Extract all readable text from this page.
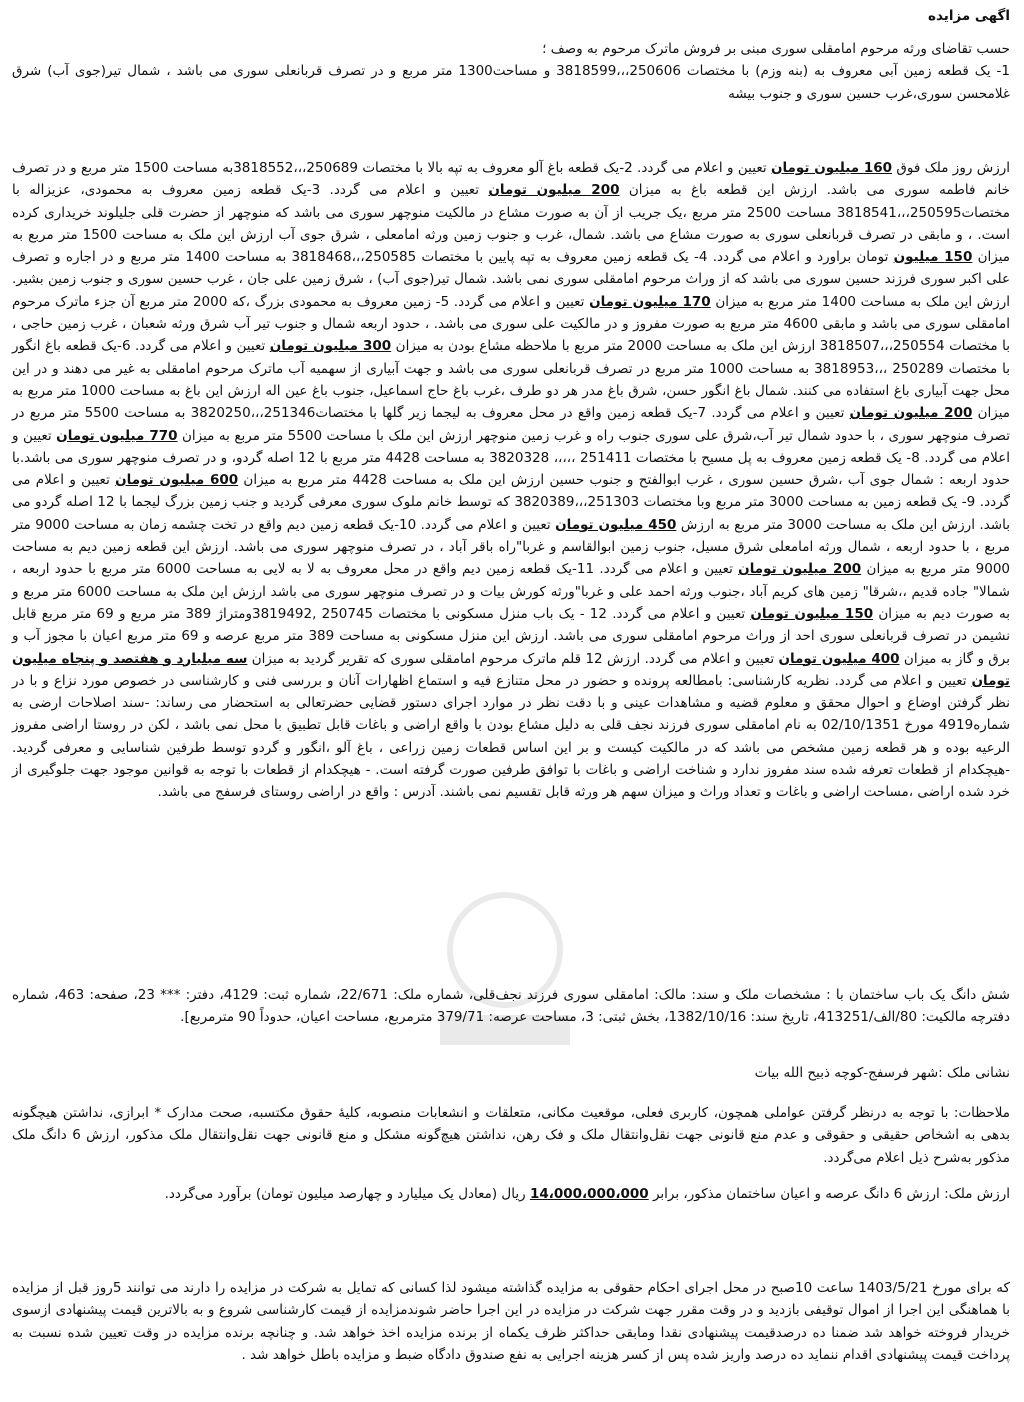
اگهی مزایده
حسب تقاضای ورثه مرحوم امامقلی سوری مبنی بر فروش ماترک مرحوم به وصف ؛
1- یک قطعه زمین آبی معروف به (بنه وزم) با مختصات 250606،،،3818599 و مساحت1300 متر مربع و در تصرف قربانعلی سوری می باشد ، شمال تیر(جوی آب) شرق غلامحسن سوری،غرب حسین سوری و جنوب بیشه
ارزش روز ملک فوق 160 میلیون تومان تعیین و اعلام می گردد. 2-یک قطعه باغ آلو معروف به تپه بالا با مختصات 250689،،،3818552به مساحت 1500 متر مربع و در تصرف خانم فاطمه سوری می باشد. ارزش این قطعه باغ به میزان 200 میلیون تومان تعیین و اعلام می گردد. 3-یک قطعه زمین معروف به محمودی، عزیزاله با مختصات250595،،،3818541 مساحت 2500 متر مربع ،یک جریب از آن به صورت مشاع در مالکیت منوچهر سوری می باشد که منوچهر از حضرت قلی جلیلوند خریداری کرده است. ، و مابقی در تصرف قربانعلی سوری به صورت مشاع می باشد. شمال، غرب و جنوب زمین ورثه امامعلی ، شرق جوی آب ارزش این ملک به مساحت 1500 متر مربع به میزان 150 میلیون تومان براورد و اعلام می گردد. 4- یک قطعه زمین معروف به تپه پایین با مختصات 250585،،،3818468 به مساحت 1400 متر مربع و در اجاره و تصرف علی اکبر سوری فرزند حسین سوری می باشد که از وراث مرحوم امامقلی سوری نمی باشد. شمال تیر(جوی آب) ، شرق زمین علی جان ، غرب حسین سوری و جنوب زمین بشیر. ارزش این ملک به مساحت 1400 متر مربع به میزان 170 میلیون تومان تعیین و اعلام می گردد. 5- زمین معروف به محمودی بزرگ ،که 2000 متر مربع آن جزء ماترک مرحوم امامقلی سوری می باشد و مابقی 4600 متر مربع به صورت مفروز و در مالکیت علی سوری می باشد. ، حدود اربعه شمال و جنوب تیر آب شرق ورثه شعبان ، غرب زمین حاجی ، با مختصات 250554،،،3818507 ارزش این ملک به مساحت 2000 متر مربع با ملاحظه مشاع بودن به میزان 300 میلیون تومان تعیین و اعلام می گردد. 6-یک قطعه باغ انگور با مختصات 250289 ،،،3818953 به مساحت 1000 متر مربع در تصرف قربانعلی سوری می باشد و جهت آبیاری از سهمیه آب ماترک مرحوم امامقلی به غیر می دهند و در این محل جهت آبیاری باغ استفاده می کنند. شمال باغ انگور حسن، شرق باغ مدر هر دو طرف ،غرب باغ حاج اسماعیل، جنوب باغ عین اله ارزش این باغ به مساحت 1000 متر مربع به میزان 200 میلیون تومان تعیین و اعلام می گردد. 7-یک قطعه زمین واقع در محل معروف به لیجما زیر گلها با مختصات251346،،،3820250 به مساحت 5500 متر مربع در تصرف منوچهر سوری ، با حدود شمال تیر آب،شرق علی سوری جنوب راه و غرب زمین منوچهر ارزش این ملک با مساحت 5500 متر مربع به میزان 770 میلیون تومان تعیین و اعلام می گردد. 8- یک قطعه زمین معروف به پل مسیح با مختصات 251411 ،،،،، 3820328 به مساحت 4428 متر مربع با 12 اصله گردو، و در تصرف منوچهر سوری می باشد.با حدود اربعه : شمال جوی آب ،شرق حسین سوری ، غرب ابوالفتح و جنوب حسین ارزش این ملک به مساحت 4428 متر مربع به میزان 600 میلیون تومان تعیین و اعلام می گردد. 9- یک قطعه زمین به مساحت 3000 متر مربع وبا مختصات 251303،،،3820389 که توسط خانم ملوک سوری معرفی گردید و جنب زمین بزرگ لیجما با 12 اصله گردو می باشد. ارزش این ملک به مساحت 3000 متر مربع به ارزش 450 میلیون تومان تعیین و اعلام می گردد. 10-یک قطعه زمین دیم واقع در تخت چشمه زمان به مساحت 9000 متر مربع ، با حدود اربعه ، شمال ورثه امامعلی شرق مسیل، جنوب زمین ابوالقاسم و غربا"راه باقر آباد ، در تصرف منوچهر سوری می باشد. ارزش این قطعه زمین دیم به مساحت 9000 متر مربع به میزان 200 میلیون تومان تعیین و اعلام می گردد. 11-یک قطعه زمین دیم واقع در محل معروف به لا به لایی به مساحت 6000 متر مربع با حدود اربعه ، شمالا" جاده قدیم ،،شرقا" زمین های کریم آباد ،جنوب ورثه احمد علی و غربا"ورثه کورش بیات و در تصرف منوچهر سوری می باشد ارزش این ملک به مساحت 6000 متر مربع و به صورت دیم به میزان 150 میلیون تومان تعیین و اعلام می گردد. 12 - یک باب منزل مسکونی با مختصات 250745 ,3819492ومتراژ 389 متر مربع و 69 متر مربع قابل نشیمن در تصرف قربانعلی سوری احد از وراث مرحوم امامقلی سوری می باشد. ارزش این منزل مسکونی به مساحت 389 متر مربع عرصه و 69 متر مربع اعیان با مجوز آب و برق و گاز به میزان 400 میلیون تومان تعیین و اعلام می گردد. ارزش 12 قلم ماترک مرحوم امامقلی سوری که تقریر گردید به میزان سه میلیارد و هفتصد و پنجاه میلیون تومان تعیین و اعلام می گردد. نظریه کارشناسی: بامطالعه پرونده و حضور در محل متنازع فیه و استماع اظهارات آنان و بررسی فنی و کارشناسی در خصوص مورد نزاع و با در نظر گرفتن اوضاع و احوال محقق و معلوم قضیه و مشاهدات عینی و با دقت نظر در موارد اجرای دستور قضایی حضرتعالی به استحضار می رساند: -سند اصلاحات ارضی به شماره4919 مورخ 02/10/1351 به نام امامقلی سوری فرزند نجف قلی به دلیل مشاع بودن با واقع اراضی و باغات قابل تطبیق با محل نمی باشد ، لکن در روستا اراضی مفروز الرعیه بوده و هر قطعه زمین مشخص می باشد که در مالکیت کیست و بر این اساس قطعات زمین زراعی ، باغ آلو ،انگور و گردو توسط طرفین شناسایی و معرفی گردید. -هیچکدام از قطعات تعرفه شده سند مفروز ندارد و شناخت اراضی و باغات با توافق طرفین صورت گرفته است. - هیچکدام از قطعات با توجه به قوانین موجود جهت جلوگیری از خرد شده اراضی ،مساحت اراضی و باغات و تعداد وراث و میزان سهم هر ورثه قابل تقسیم نمی باشند. آدرس : واقع در اراضی روستای فرسفج می باشد.
شش دانگ یک باب ساختمان با : مشخصات ملک و سند: مالک: امامقلی سوری فرزند نجف‌قلی، شماره ملک: 22/671، شماره ثبت: 4129، دفتر: *** 23، صفحه: 463، شماره دفترچه مالکیت: 80/الف/413251، تاریخ سند: 1382/10/16، بخش ثبتی: 3، مساحت عرصه: 379/71 مترمربع، مساحت اعیان، حدوداً 90 مترمربع].
نشانی ملک :شهر فرسفج-کوچه ذبیح الله بیات
ملاحظات: با توجه به درنظر گرفتن عواملی همچون، کاربری فعلی، موقعیت مکانی، متعلقات و انشعابات منصوبه، کلیۀ حقوق مکتسبه، صحت مدارک * ابرازی، نداشتن هیچگونه بدهی به اشخاص حقیقی و حقوقی و عدم منع قانونی جهت نقل‌وانتقال ملک و فک رهن، نداشتن هیچ‌گونه مشکل و منع قانونی جهت نقل‌وانتقال ملک مذکور، ارزش 6 دانگ ملک مذکور به‌شرح ذیل اعلام می‌گردد.
ارزش ملک: ارزش 6 دانگ عرصه و اعیان ساختمان مذکور، برابر 14،000،000،000 ریال (معادل یک میلیارد و چهارصد میلیون تومان) برآورد می‌گردد.
که برای مورخ 1403/5/21 ساعت 10صبح در محل اجرای احکام حقوقی به مزایده گذاشته میشود لذا کسانی که تمایل به شرکت در مزایده را دارند می توانند 5روز قبل از مزایده با هماهنگی این اجرا از اموال توقیفی بازدید و در وقت مقرر جهت شرکت در مزایده در این اجرا حاضر شوندمزایده از قیمت کارشناسی شروع و به بالاترین قیمت پیشنهادی ازسوی خریدار فروخته خواهد شد ضمنا ده درصدقیمت پیشنهادی نقدا ومابقی حداکثر ظرف یکماه از برنده مزایده اخذ خواهد شد. و چنانچه برنده مزایده در وقت تعیین شده نسبت به پرداخت قیمت پیشنهادی اقدام ننماید ده درصد واریز شده پس از کسر هزینه اجرایی به نفع صندوق دادگاه ضبط و مزایده باطل خواهد شد .
